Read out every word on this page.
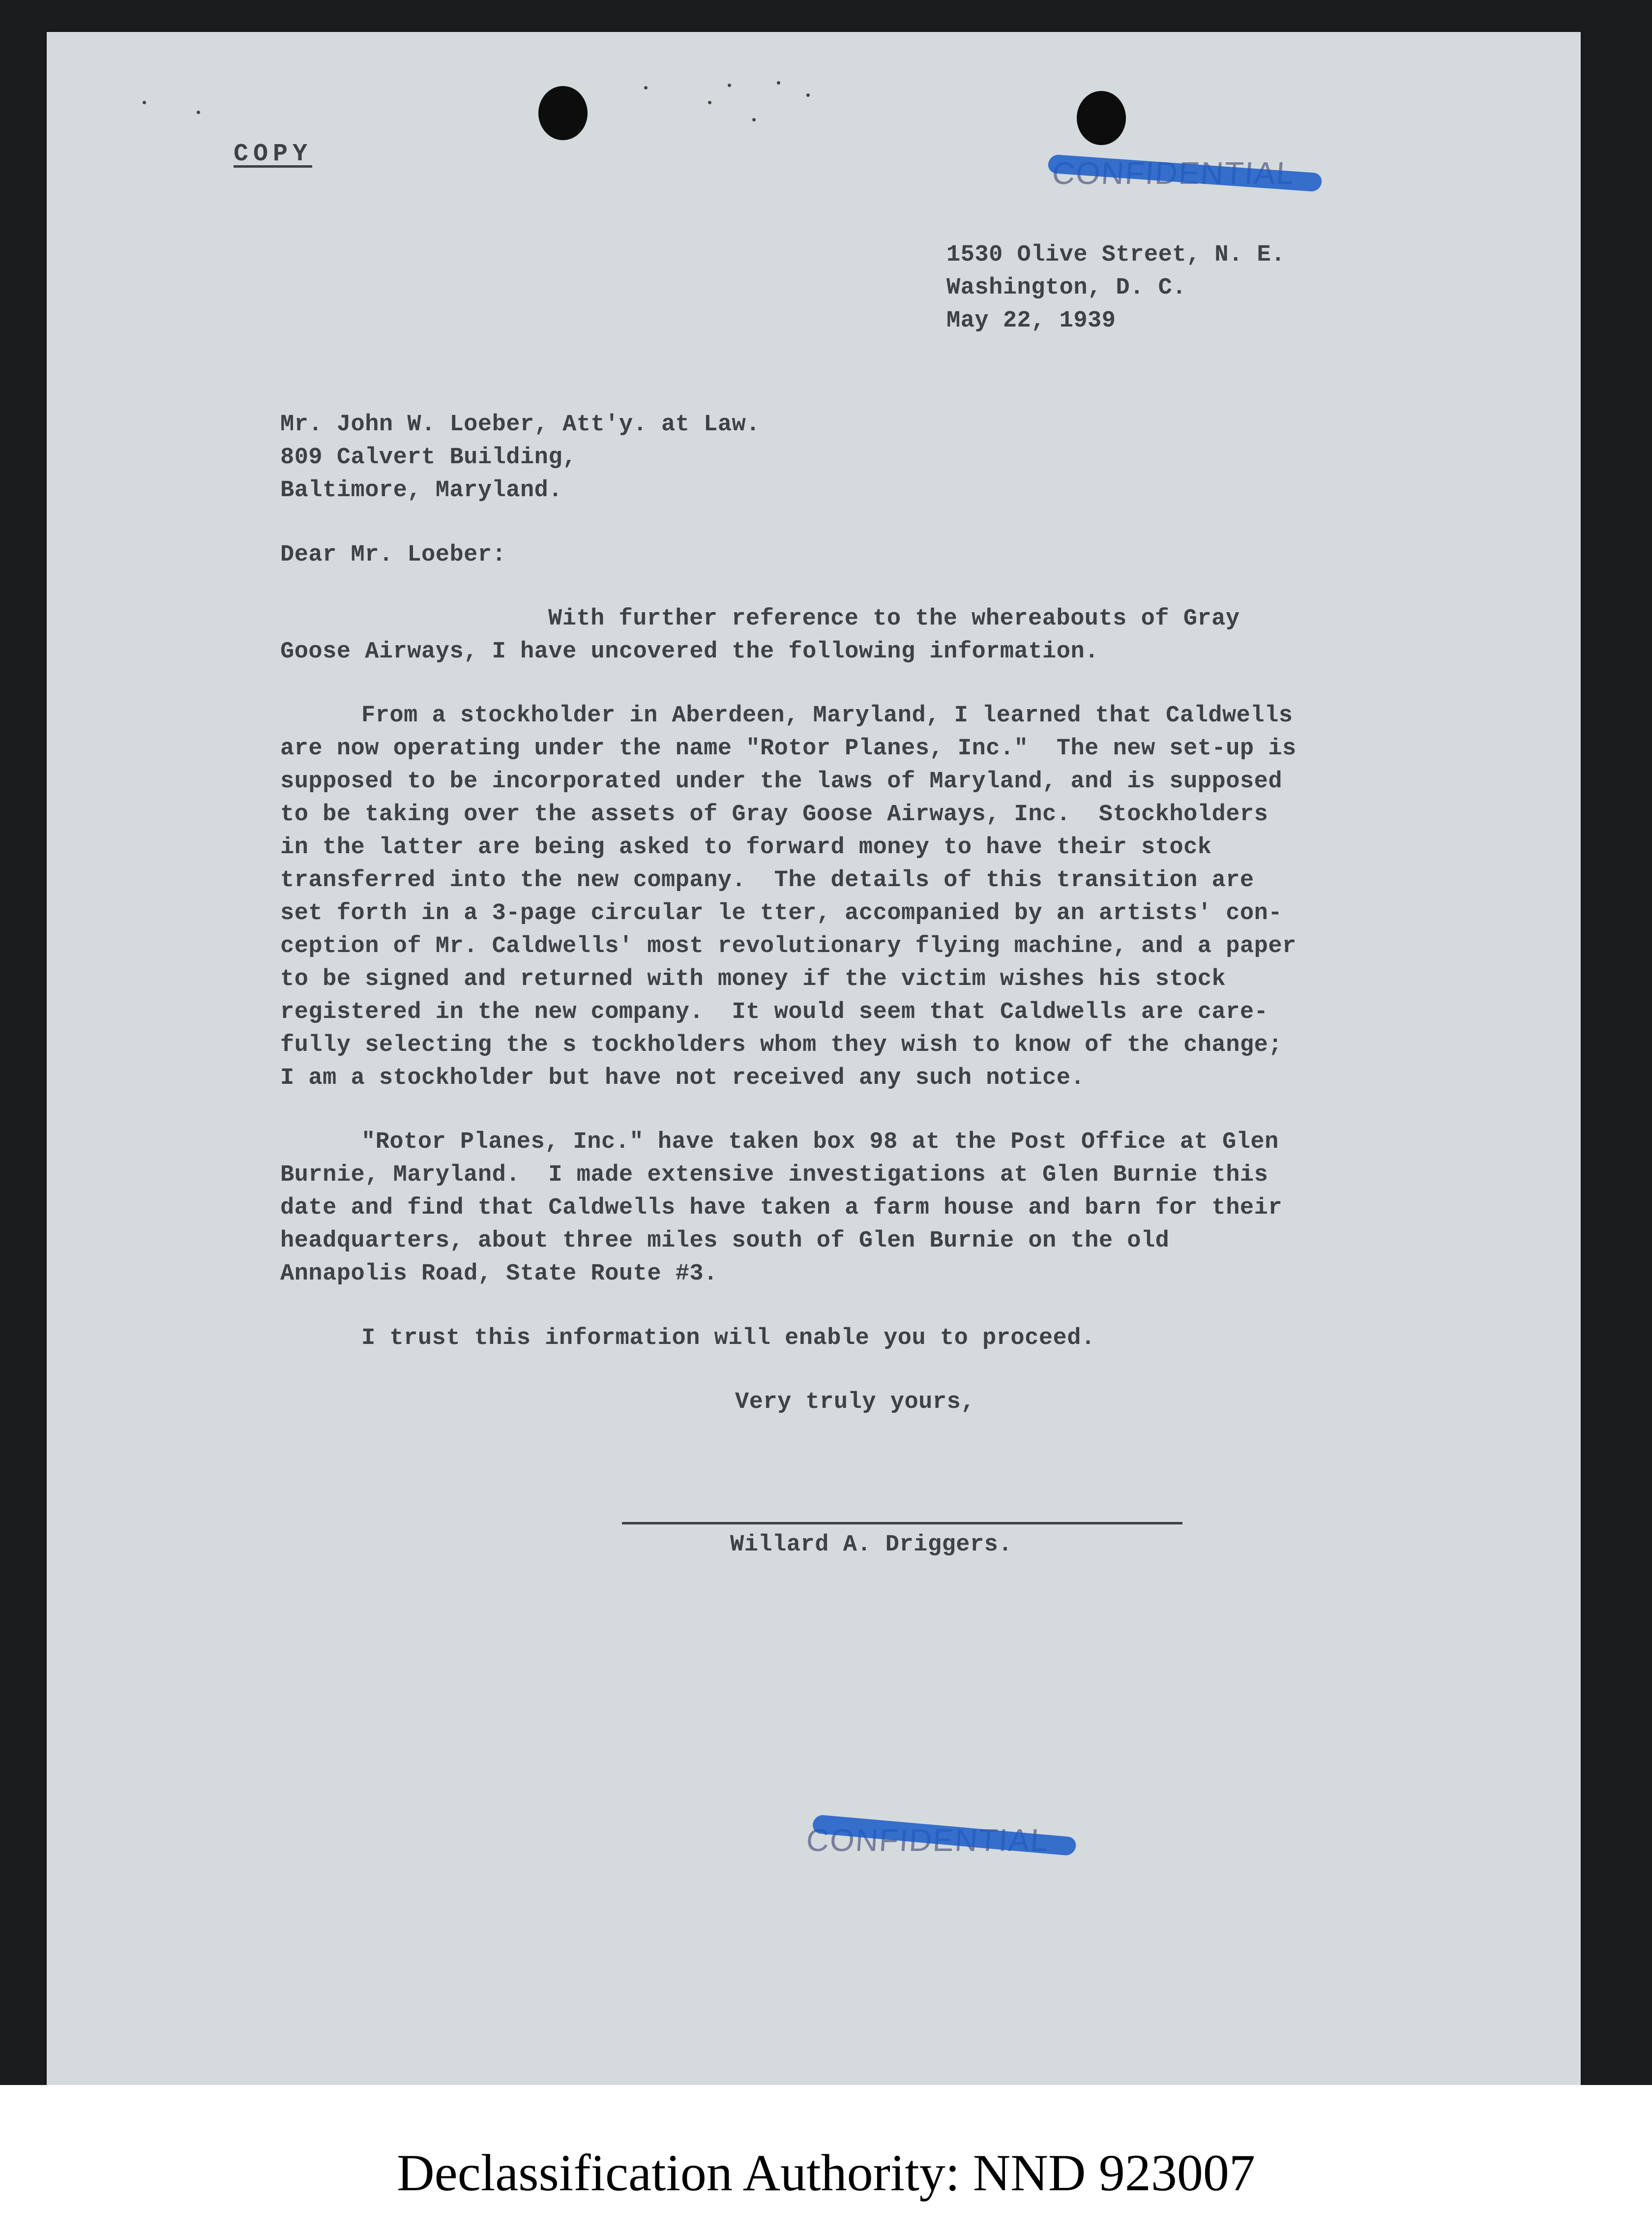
COPY
1530 Olive Street, N. E.
Washington, D. C.
May 22, 1939
Mr. John W. Loeber, Att'y. at Law.
809 Calvert Building,
Baltimore, Maryland.
Dear Mr. Loeber:
With further reference to the whereabouts of Gray
Goose Airways, I have uncovered the following information.
From a stockholder in Aberdeen, Maryland, I learned that Caldwells
are now operating under the name "Rotor Planes, Inc."  The new set-up is
supposed to be incorporated under the laws of Maryland, and is supposed
to be taking over the assets of Gray Goose Airways, Inc.  Stockholders
in the latter are being asked to forward money to have their stock
transferred into the new company.  The details of this transition are
set forth in a 3-page circular le tter, accompanied by an artists' con-
ception of Mr. Caldwells' most revolutionary flying machine, and a paper
to be signed and returned with money if the victim wishes his stock
registered in the new company.  It would seem that Caldwells are care-
fully selecting the s tockholders whom they wish to know of the change;
I am a stockholder but have not received any such notice.
"Rotor Planes, Inc." have taken box 98 at the Post Office at Glen
Burnie, Maryland.  I made extensive investigations at Glen Burnie this
date and find that Caldwells have taken a farm house and barn for their
headquarters, about three miles south of Glen Burnie on the old
Annapolis Road, State Route #3.
I trust this information will enable you to proceed.
Very truly yours,
Willard A. Driggers.
Declassification Authority: NND 923007
